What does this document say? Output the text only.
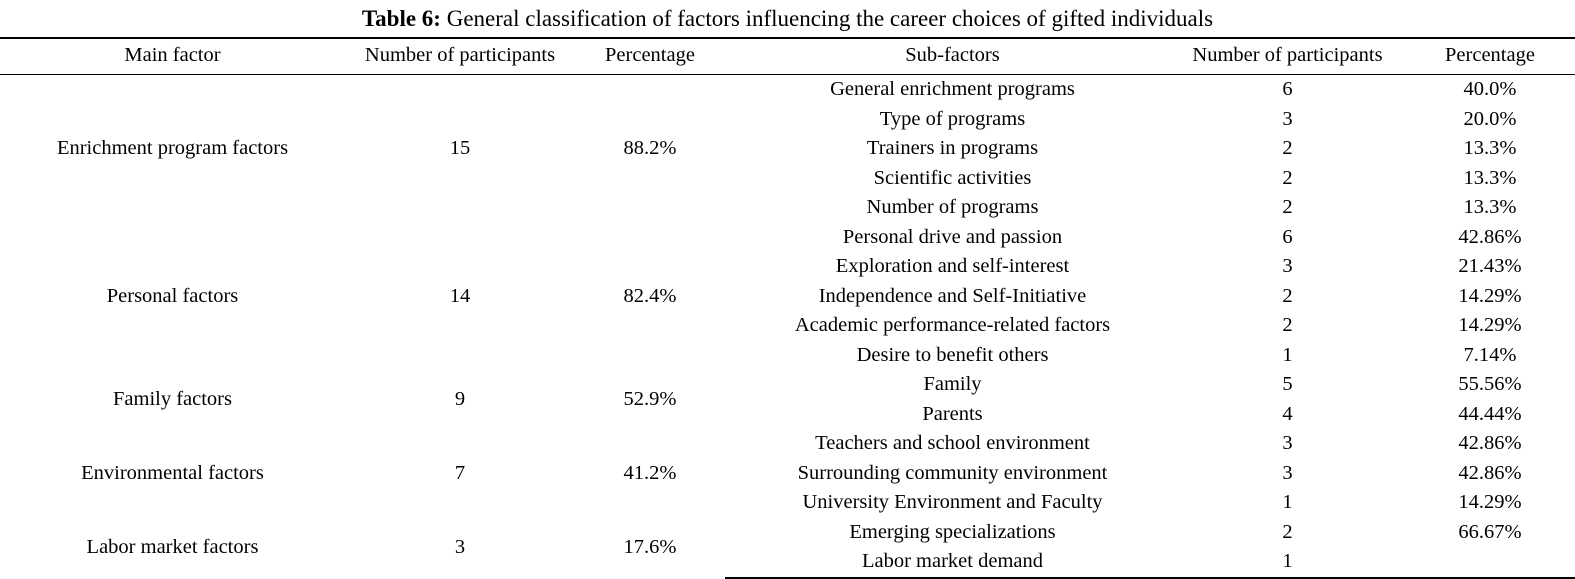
Table 6: General classification of factors influencing the career choices of gifted individuals
Main factor	Number of participants	Percentage	Sub-factors	Number of participants	Percentage
Enrichment program factors	15	88.2%	General enrichment programs	6	40.0%
			Type of programs	3	20.0%
			Trainers in programs	2	13.3%
			Scientific activities	2	13.3%
			Number of programs	2	13.3%
Personal factors	14	82.4%	Personal drive and passion	6	42.86%
			Exploration and self-interest	3	21.43%
			Independence and Self-Initiative	2	14.29%
			Academic performance-related factors	2	14.29%
			Desire to benefit others	1	7.14%
Family factors	9	52.9%	Family	5	55.56%
			Parents	4	44.44%
Environmental factors	7	41.2%	Teachers and school environment	3	42.86%
			Surrounding community environment	3	42.86%
			University Environment and Faculty	1	14.29%
Labor market factors	3	17.6%	Emerging specializations	2	66.67%
			Labor market demand	1	
